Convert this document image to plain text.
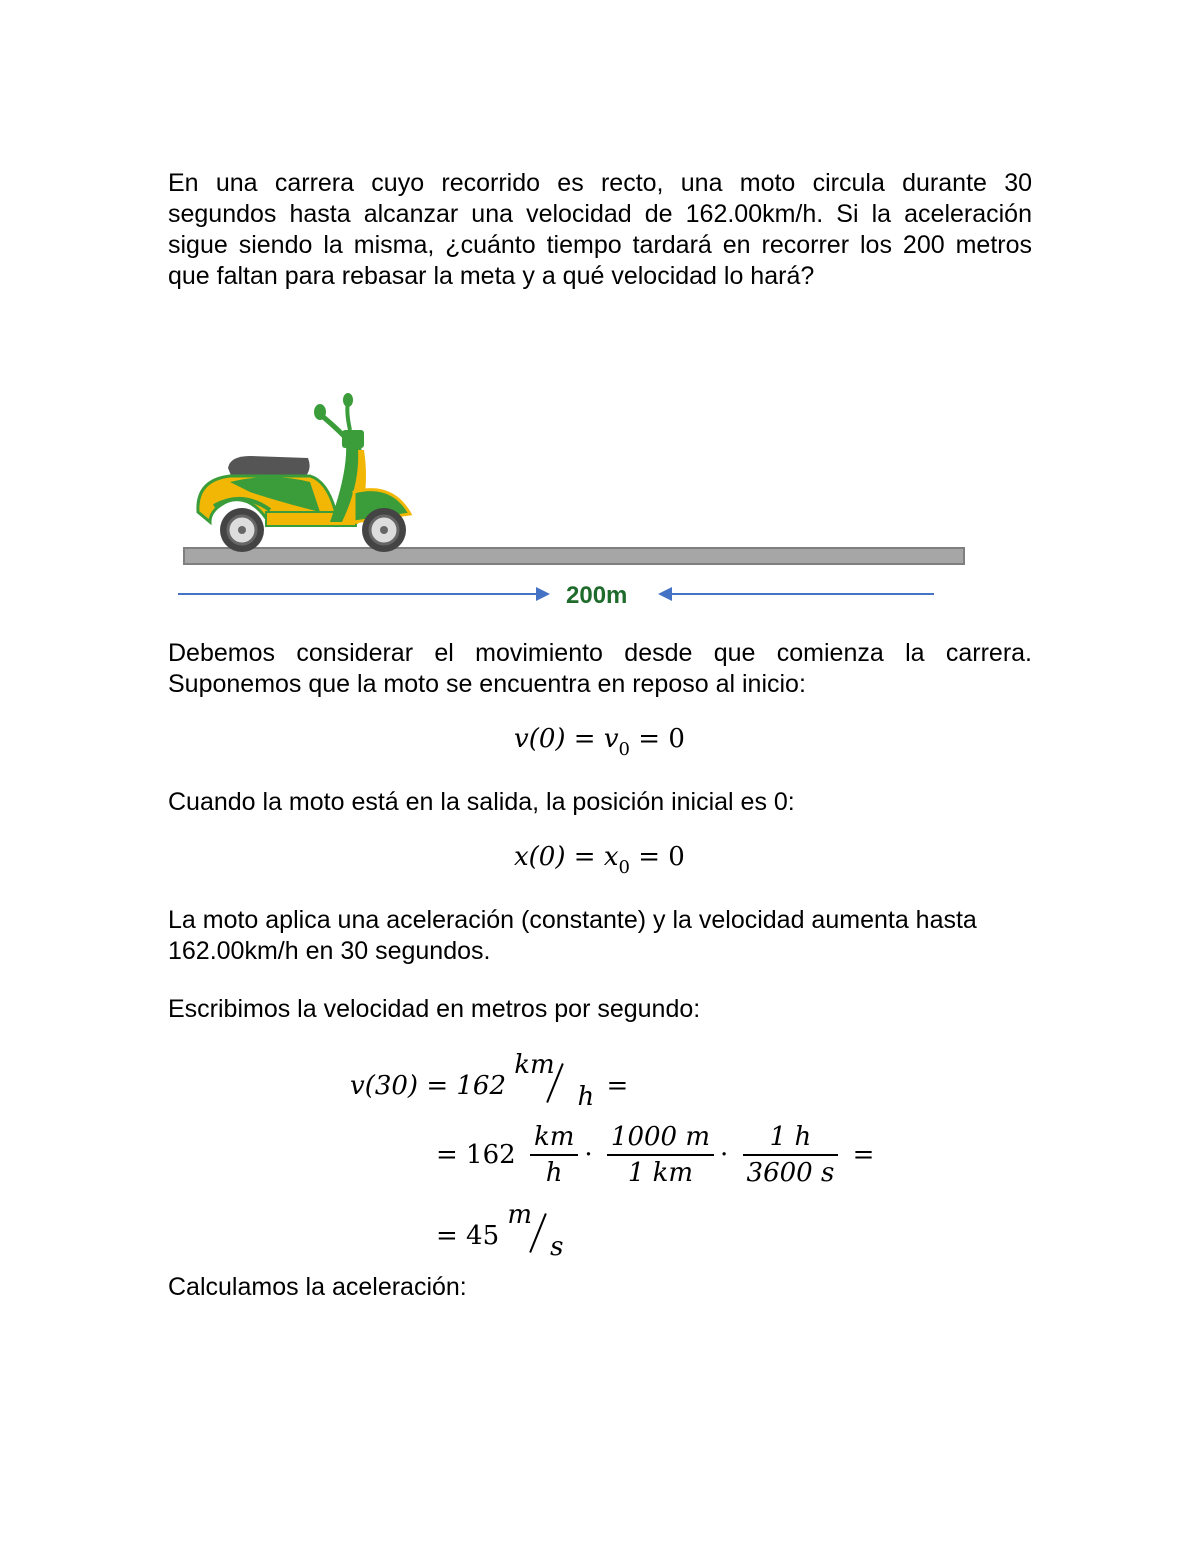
En una carrera cuyo recorrido es recto, una moto circula durante 30 segundos hasta alcanzar una velocidad de 162.00km/h. Si la aceleración sigue siendo la misma, ¿cuánto tiempo tardará en recorrer los 200 metros que faltan para rebasar la meta y a qué velocidad lo hará?

200m

Debemos considerar el movimiento desde que comienza la carrera. Suponemos que la moto se encuentra en reposo al inicio:

$v(0) = v_0 = 0$

Cuando la moto está en la salida, la posición inicial es 0:

$x(0) = x_0 = 0$

La moto aplica una aceleración (constante) y la velocidad aumenta hasta 162.00km/h en 30 segundos.

Escribimos la velocidad en metros por segundo:

v(30) = 162
km
h =
= $162 \frac{km}{h} \cdot \frac{1000 m}{1 km} \cdot \frac{1 h}{3600 s}$ =
= 45
m
s

Calculamos la aceleración:
